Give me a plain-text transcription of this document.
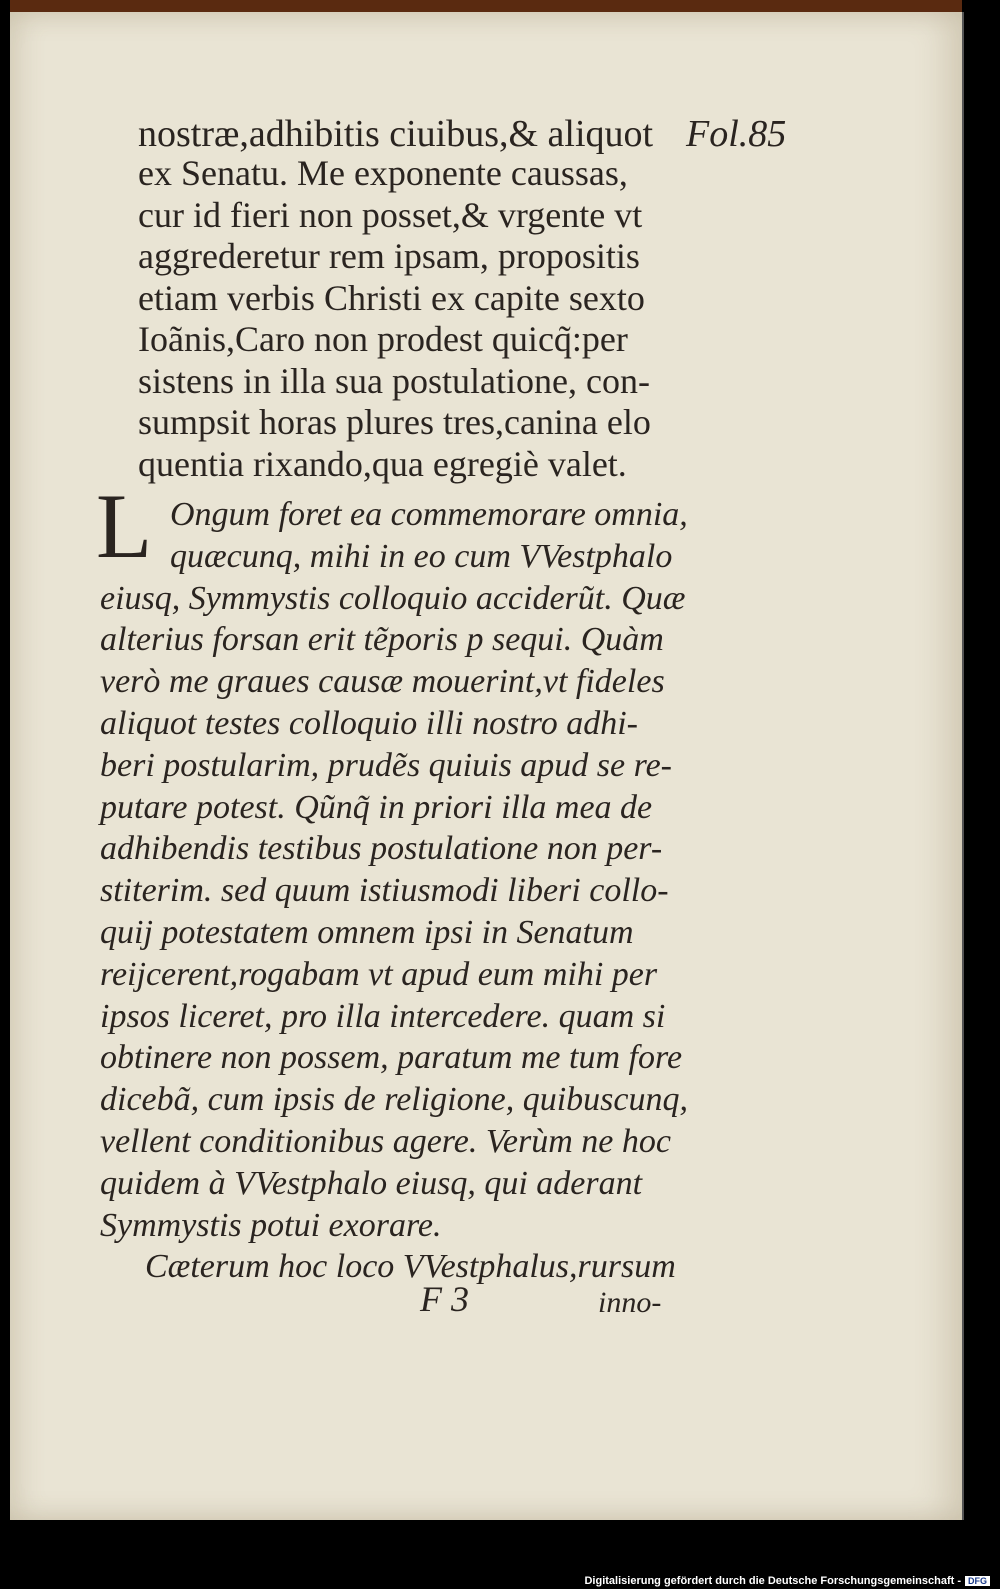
nostræ,adhibitis ciuibus,& aliquot Fol.85
ex Senatu. Me exponente caussas,
cur id fieri non posset,& vrgente vt
aggrederetur rem ipsam, propositis
etiam verbis Christi ex capite sexto
Ioãnis,Caro non prodest quicq̃:per
sistens in illa sua postulatione, con-
sumpsit horas plures tres,canina elo
quentia rixando,qua egregiè valet.
L Ongum foret ea commemorare omnia,
quæcunq, mihi in eo cum VVestphalo
eiusq, Symmystis colloquio acciderũt. Quæ
alterius forsan erit tẽporis p sequi. Quàm
verò me graues causæ mouerint,vt fideles
aliquot testes colloquio illi nostro adhi-
beri postularim, prudẽs quiuis apud se re-
putare potest. Qũnq̃ in priori illa mea de
adhibendis testibus postulatione non per-
stiterim. sed quum istiusmodi liberi collo-
quij potestatem omnem ipsi in Senatum
reijcerent,rogabam vt apud eum mihi per
ipsos liceret, pro illa intercedere. quam si
obtinere non possem, paratum me tum fore
dicebã, cum ipsis de religione, quibuscunq,
vellent conditionibus agere. Verùm ne hoc
quidem à VVestphalo eiusq, qui aderant
Symmystis potui exorare.
Cæterum hoc loco VVestphalus,rursum
F 3	inno-
Digitalisierung gefördert durch die Deutsche Forschungsgemeinschaft - DFG
